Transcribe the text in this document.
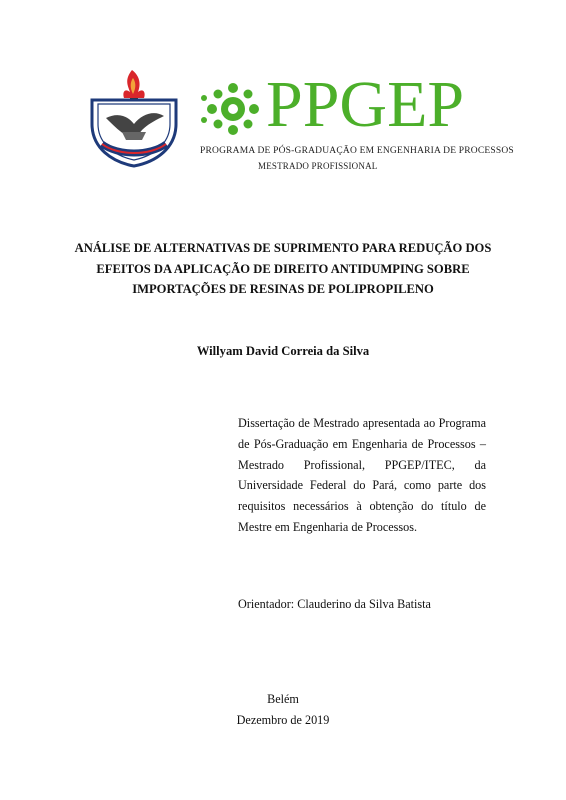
PPGEP
PROGRAMA DE PÓS-GRADUAÇÃO EM ENGENHARIA DE PROCESSOS
MESTRADO PROFISSIONAL
ANÁLISE DE ALTERNATIVAS DE SUPRIMENTO PARA REDUÇÃO DOS
EFEITOS DA APLICAÇÃO DE DIREITO ANTIDUMPING SOBRE
IMPORTAÇÕES DE RESINAS DE POLIPROPILENO
Willyam David Correia da Silva
Dissertação de Mestrado apresentada ao Programa de Pós-Graduação em Engenharia de Processos – Mestrado Profissional, PPGEP/ITEC, da Universidade Federal do Pará, como parte dos requisitos necessários à obtenção do título de Mestre em Engenharia de Processos.
Orientador: Clauderino da Silva Batista
Belém
Dezembro de 2019
